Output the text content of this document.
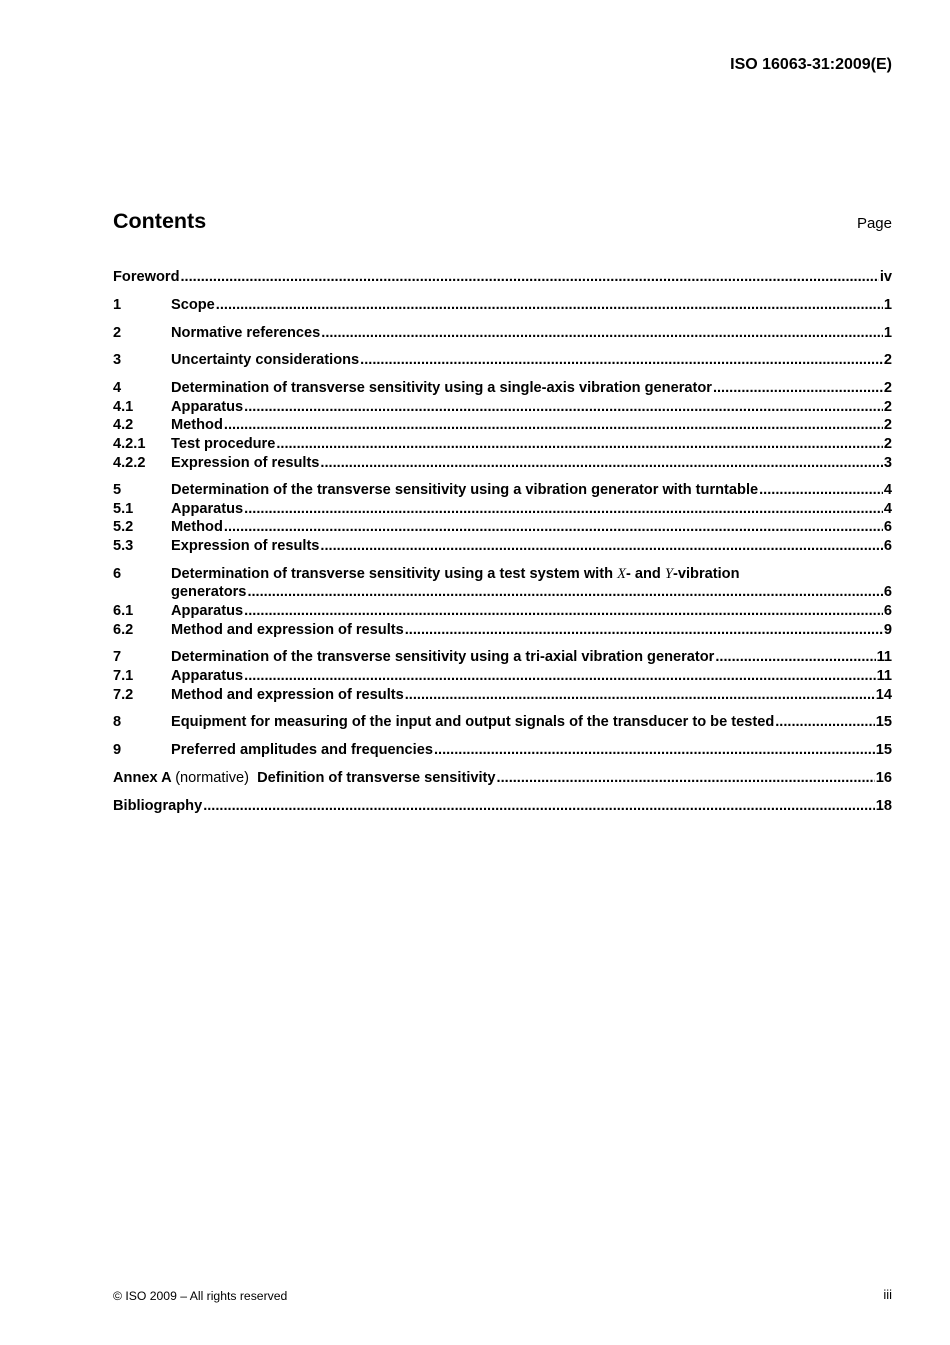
ISO 16063-31:2009(E)
Contents	Page
Foreword .....	iv
1	Scope .....	1
2	Normative references .....	1
3	Uncertainty considerations .....	2
4	Determination of transverse sensitivity using a single-axis vibration generator .....	2
4.1	Apparatus .....	2
4.2	Method .....	2
4.2.1	Test procedure .....	2
4.2.2	Expression of results .....	3
5	Determination of the transverse sensitivity using a vibration generator with turntable .....	4
5.1	Apparatus .....	4
5.2	Method .....	6
5.3	Expression of results .....	6
6	Determination of transverse sensitivity using a test system with X- and Y-vibration
generators .....	6
6.1	Apparatus .....	6
6.2	Method and expression of results .....	9
7	Determination of the transverse sensitivity using a tri-axial vibration generator .....	11
7.1	Apparatus .....	11
7.2	Method and expression of results .....	14
8	Equipment for measuring of the input and output signals of the transducer to be tested .....	15
9	Preferred amplitudes and frequencies .....	15
Annex A (normative) Definition of transverse sensitivity .....	16
Bibliography .....	18
© ISO 2009 – All rights reserved	iii
